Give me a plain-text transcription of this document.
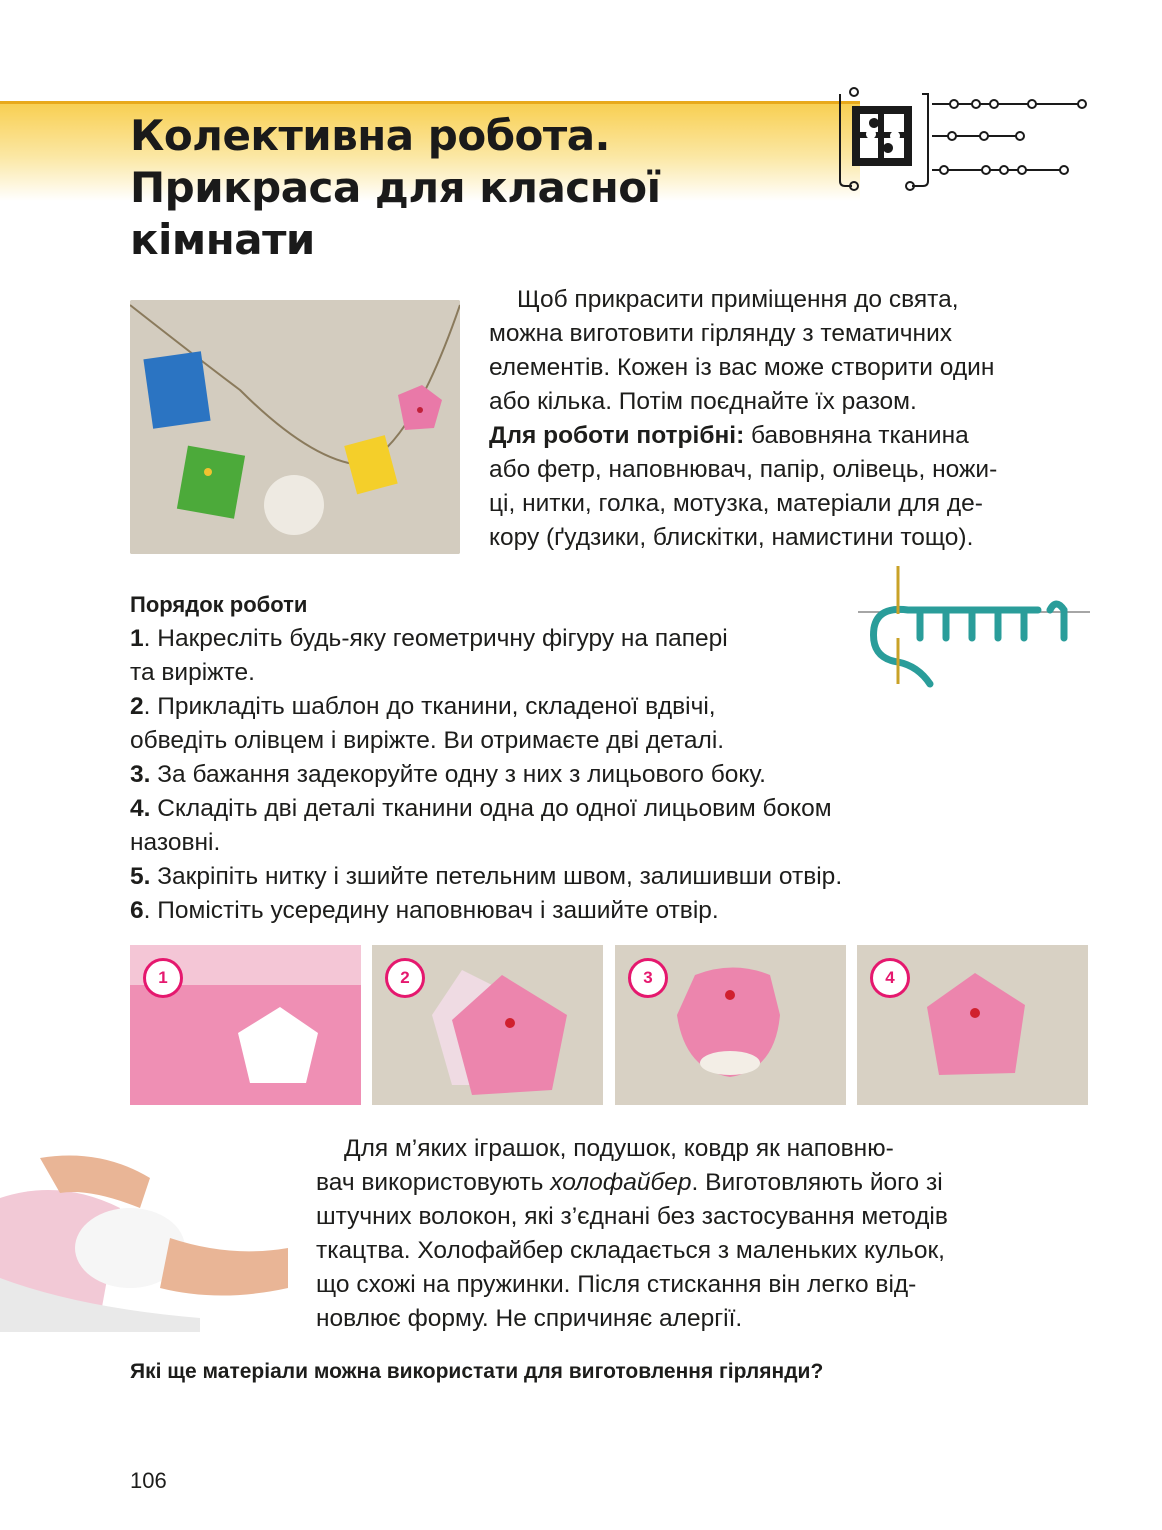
Колективна робота.
Прикраса для класної
кімнати
Щоб прикрасити приміщення до свята,
можна виготовити гірлянду з тематичних
елементів. Кожен із вас може створити один
або кілька. Потім поєднайте їх разом.
Для роботи потрібні: бавовняна тканина
або фетр, наповнювач, папір, олівець, ножи-
ці, нитки, голка, мотузка, матеріали для де-
кору (ґудзики, блискітки, намистини тощо).
Порядок роботи
1. Накресліть будь-яку геометричну фігуру на папері
та виріжте.
2. Прикладіть шаблон до тканини, складеної вдвічі,
обведіть олівцем і виріжте. Ви отримаєте дві деталі.
3. За бажання задекоруйте одну з них з лицьового боку.
4. Складіть дві деталі тканини одна до одної лицьовим боком
назовні.
5. Закріпіть нитку і зшийте петельним швом, залишивши отвір.
6. Помістіть усередину наповнювач і зашийте отвір.
1	2	3	4
Для м’яких іграшок, подушок, ковдр як наповню-
вач використовують холофайбер. Виготовляють його зі
штучних волокон, які з’єднані без застосування методів
ткацтва. Холофайбер складається з маленьких кульок,
що схожі на пружинки. Після стискання він легко від-
новлює форму. Не спричиняє алергії.
Які ще матеріали можна використати для виготовлення гірлянди?
106
